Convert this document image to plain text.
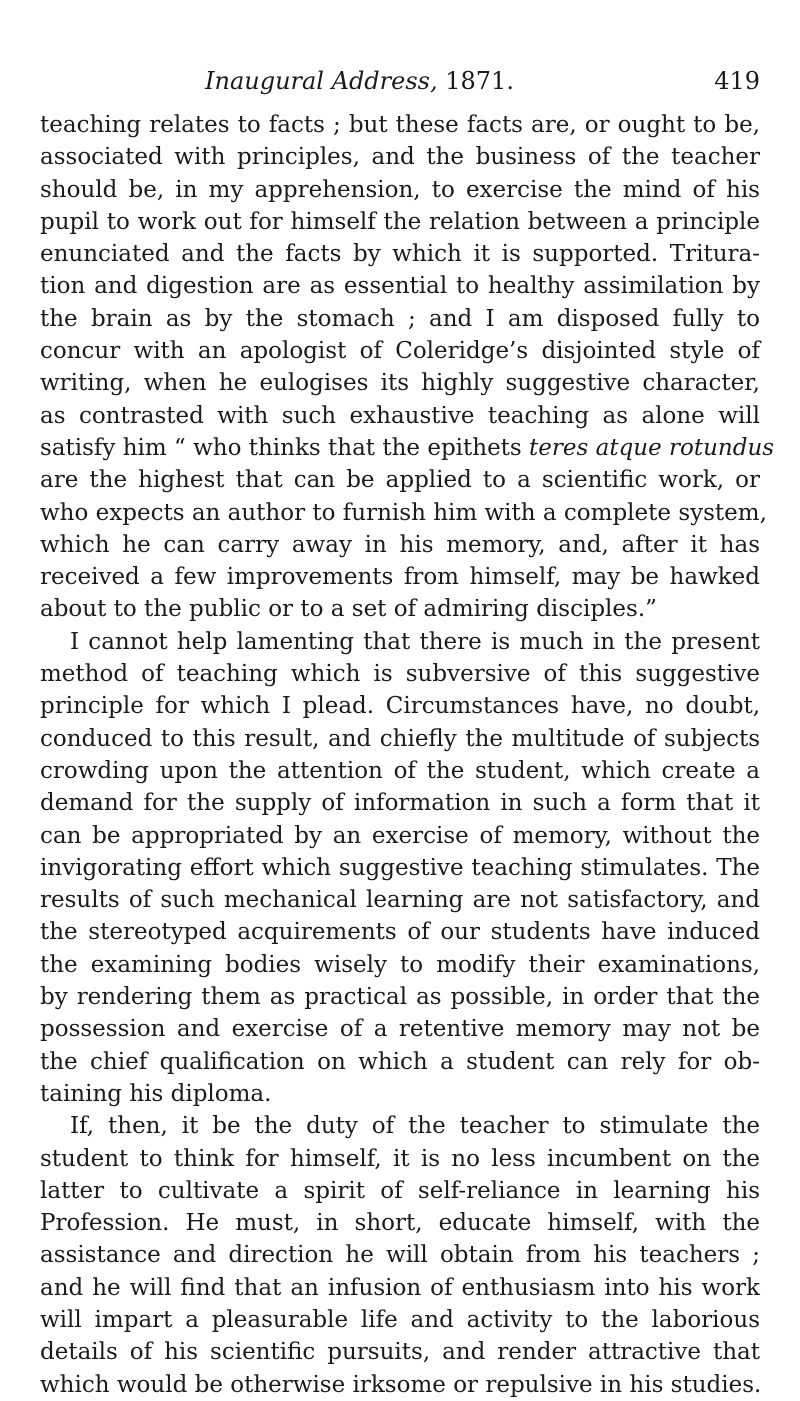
Inaugural Address, 1871.	419
teaching relates to facts ; but these facts are, or ought to be,
associated with principles, and the business of the teacher
should be, in my apprehension, to exercise the mind of his
pupil to work out for himself the relation between a principle
enunciated and the facts by which it is supported. Tritura-
tion and digestion are as essential to healthy assimilation by
the brain as by the stomach ; and I am disposed fully to
concur with an apologist of Coleridge’s disjointed style of
writing, when he eulogises its highly suggestive character,
as contrasted with such exhaustive teaching as alone will
satisfy him “ who thinks that the epithets teres atque rotundus
are the highest that can be applied to a scientific work, or
who expects an author to furnish him with a complete system,
which he can carry away in his memory, and, after it has
received a few improvements from himself, may be hawked
about to the public or to a set of admiring disciples.”
I cannot help lamenting that there is much in the present
method of teaching which is subversive of this suggestive
principle for which I plead. Circumstances have, no doubt,
conduced to this result, and chiefly the multitude of subjects
crowding upon the attention of the student, which create a
demand for the supply of information in such a form that it
can be appropriated by an exercise of memory, without the
invigorating effort which suggestive teaching stimulates. The
results of such mechanical learning are not satisfactory, and
the stereotyped acquirements of our students have induced
the examining bodies wisely to modify their examinations,
by rendering them as practical as possible, in order that the
possession and exercise of a retentive memory may not be
the chief qualification on which a student can rely for ob-
taining his diploma.
If, then, it be the duty of the teacher to stimulate the
student to think for himself, it is no less incumbent on the
latter to cultivate a spirit of self-reliance in learning his
Profession. He must, in short, educate himself, with the
assistance and direction he will obtain from his teachers ;
and he will find that an infusion of enthusiasm into his work
will impart a pleasurable life and activity to the laborious
details of his scientific pursuits, and render attractive that
which would be otherwise irksome or repulsive in his studies.
